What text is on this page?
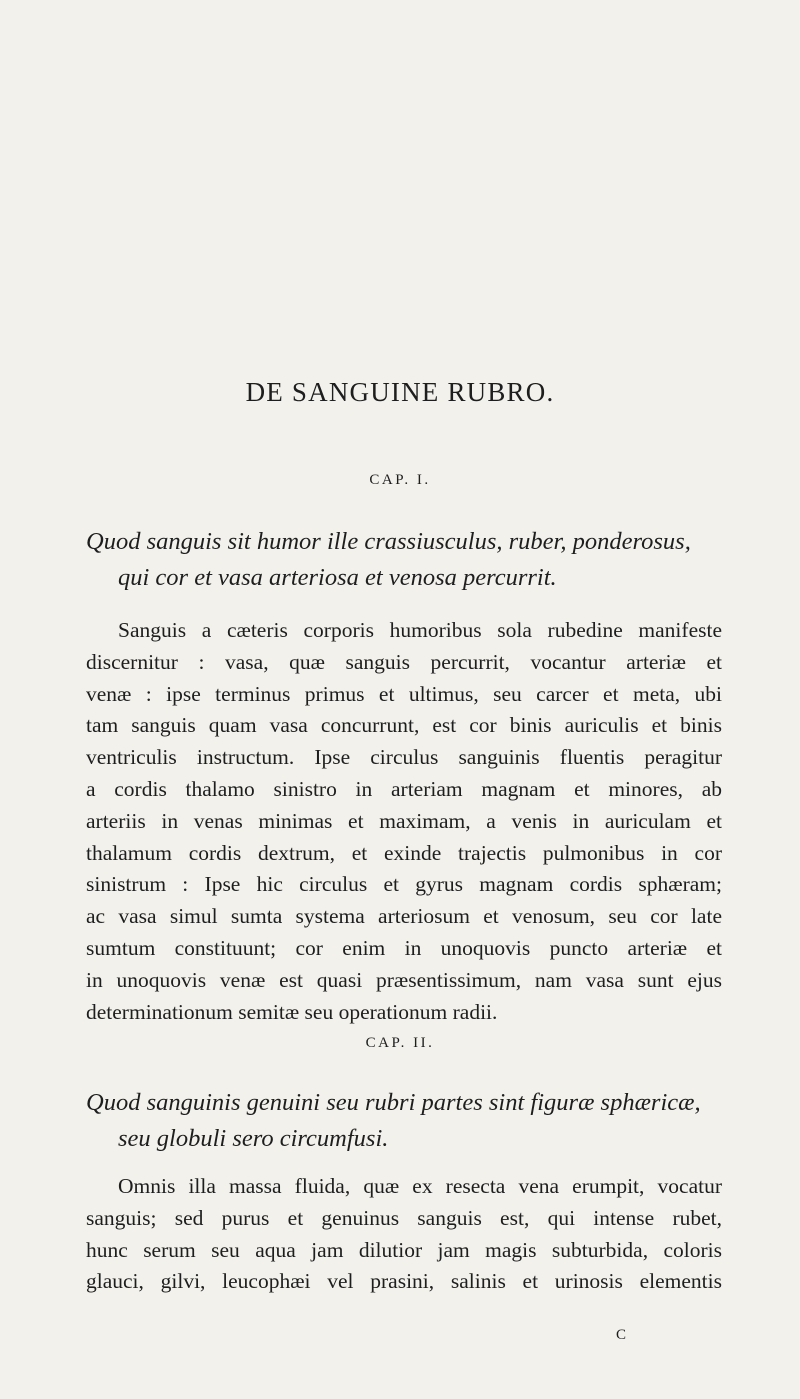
DE SANGUINE RUBRO.

CAP. I.

Quod sanguis sit humor ille crassiusculus, ruber, ponderosus,
qui cor et vasa arteriosa et venosa percurrit.
Sanguis a cæteris corporis humoribus sola rubedine manifeste
discernitur : vasa, quæ sanguis percurrit, vocantur arteriæ et
venæ : ipse terminus primus et ultimus, seu carcer et meta, ubi
tam sanguis quam vasa concurrunt, est cor binis auriculis et binis
ventriculis instructum. Ipse circulus sanguinis fluentis peragitur
a cordis thalamo sinistro in arteriam magnam et minores, ab
arteriis in venas minimas et maximam, a venis in auriculam et
thalamum cordis dextrum, et exinde trajectis pulmonibus in cor
sinistrum : Ipse hic circulus et gyrus magnam cordis sphæram;
ac vasa simul sumta systema arteriosum et venosum, seu cor late
sumtum constituunt; cor enim in unoquovis puncto arteriæ et
in unoquovis venæ est quasi præsentissimum, nam vasa sunt ejus
determinationum semitæ seu operationum radii.

CAP. II.

Quod sanguinis genuini seu rubri partes sint figuræ sphæricæ,
seu globuli sero circumfusi.
Omnis illa massa fluida, quæ ex resecta vena erumpit, vocatur
sanguis; sed purus et genuinus sanguis est, qui intense rubet,
hunc serum seu aqua jam dilutior jam magis subturbida, coloris
glauci, gilvi, leucophæi vel prasini, salinis et urinosis elementis

C
